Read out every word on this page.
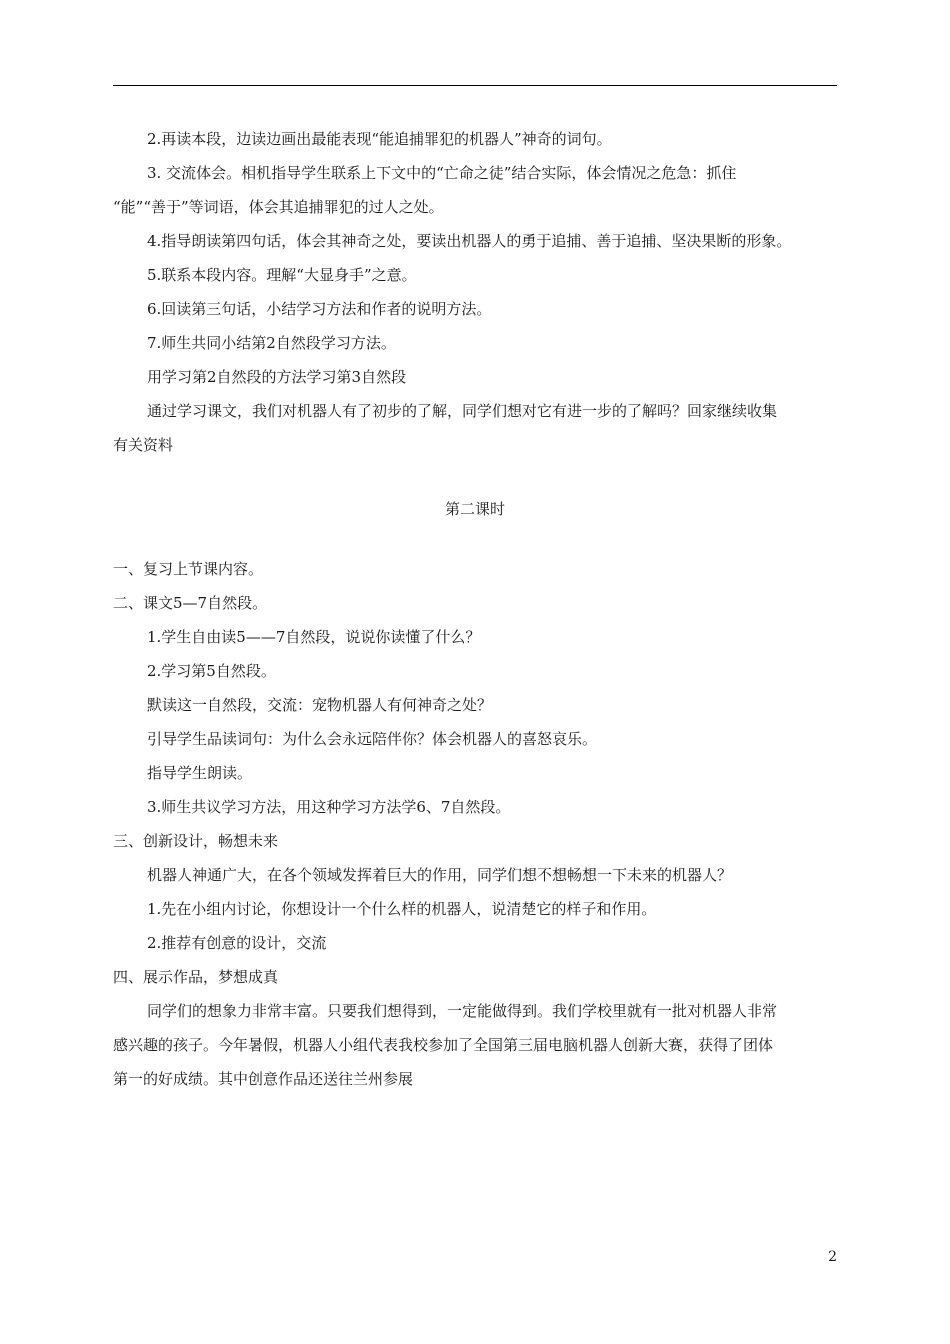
2.再读本段，边读边画出最能表现“能追捕罪犯的机器人”神奇的词句。
3. 交流体会。相机指导学生联系上下文中的“亡命之徒”结合实际，体会情况之危急：抓住
“能”“善于”等词语，体会其追捕罪犯的过人之处。
4.指导朗读第四句话，体会其神奇之处，要读出机器人的勇于追捕、善于追捕、坚决果断的形象。
5.联系本段内容。理解“大显身手”之意。
6.回读第三句话，小结学习方法和作者的说明方法。
7.师生共同小结第2自然段学习方法。
用学习第2自然段的方法学习第3自然段
通过学习课文，我们对机器人有了初步的了解，同学们想对它有进一步的了解吗？回家继续收集
有关资料
第二课时
一、复习上节课内容。
二、课文5—7自然段。
1.学生自由读5——7自然段，说说你读懂了什么？
2.学习第5自然段。
默读这一自然段，交流：宠物机器人有何神奇之处？
引导学生品读词句：为什么会永远陪伴你？体会机器人的喜怒哀乐。
指导学生朗读。
3.师生共议学习方法，用这种学习方法学6、7自然段。
三、创新设计，畅想未来
机器人神通广大，在各个领域发挥着巨大的作用，同学们想不想畅想一下未来的机器人？
1.先在小组内讨论，你想设计一个什么样的机器人，说清楚它的样子和作用。
2.推荐有创意的设计，交流
四、展示作品，梦想成真
同学们的想象力非常丰富。只要我们想得到，一定能做得到。我们学校里就有一批对机器人非常
感兴趣的孩子。今年暑假，机器人小组代表我校参加了全国第三届电脑机器人创新大赛，获得了团体
第一的好成绩。其中创意作品还送往兰州参展
2
